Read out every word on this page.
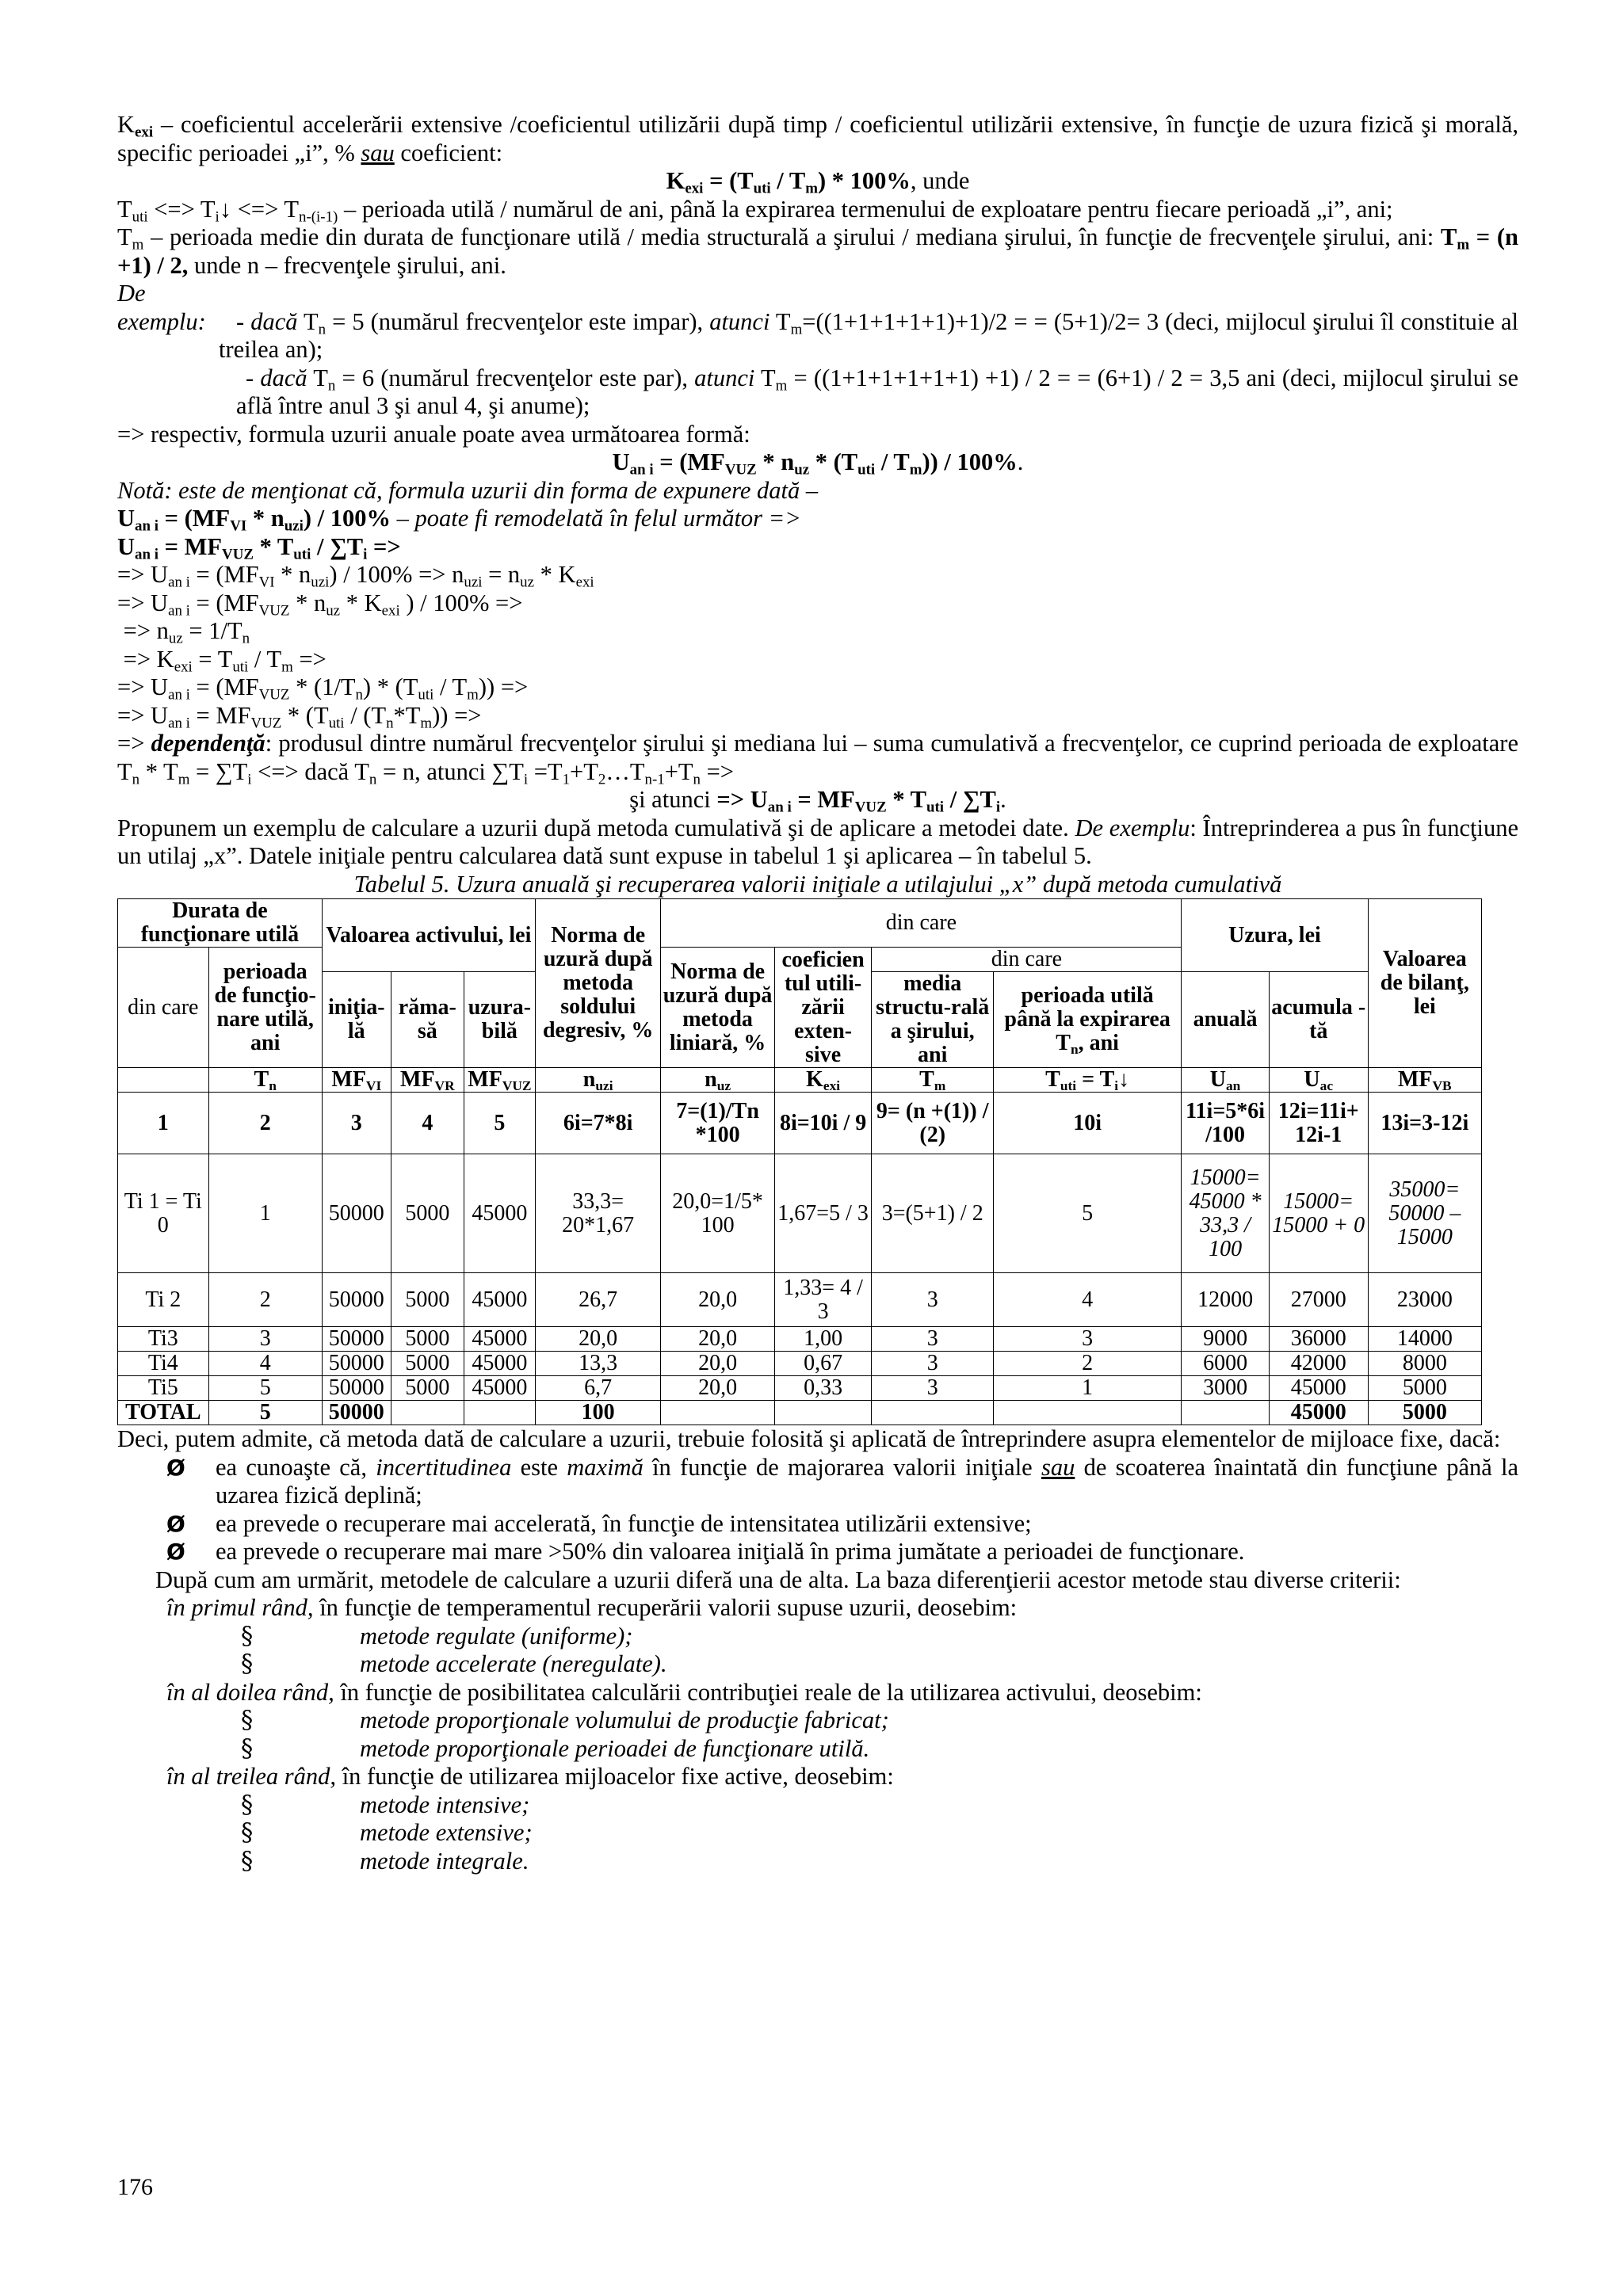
$K_{exi}$ – coeficientul accelerării extensive /coeficientul utilizării după timp / coeficientul utilizării extensive, în funcţie de uzura fizică şi morală, specific perioadei „i”, % sau coeficient:

$K_{exi} = (T_{uti} / T_m) * 100\%$, unde

$T_{uti}$ <=> $T_i↓$ <=> $T_{n-(i-1)}$ – perioada utilă / numărul de ani, până la expirarea termenului de exploatare pentru fiecare perioadă „i”, ani;

$T_m$ – perioada medie din durata de funcţionare utilă / media structurală a şirului / mediana şirului, în funcţie de frecvenţele şirului, ani: $T_m = (n +1) / 2$, unde n – frecvenţele şirului, ani.

De exemplu:	- dacă $T_n = 5$ (numărul frecvenţelor este impar), atunci $T_m=((1+1+1+1+1)+1)/2$ = = (5+1)/2= 3 (deci, mijlocul şirului îl constituie al treilea an);

- dacă $T_n = 6$ (numărul frecvenţelor este par), atunci $T_m = ((1+1+1+1+1+1) +1) / 2$ = = (6+1) / 2 = 3,5 ani (deci, mijlocul şirului se află între anul 3 şi anul 4, şi anume);

=> respectiv, formula uzurii anuale poate avea următoarea formă:

$U_{an i} = (MF_{VUZ} * n_{uz} * (T_{uti} / T_m)) / 100\%$.

Notă: este de menţionat că, formula uzurii din forma de expunere dată –

$U_{an i} = (MF_{VI} * n_{uzi}) / 100\%$ – poate fi remodelată în felul următor =>

$U_{an i} = MF_{VUZ} * T_{uti} / \sum T_i$ =>

=> $U_{an i} = (MF_{VI} * n_{uzi}) / 100\% => n_{uzi} = n_{uz} * K_{exi}$

=> $U_{an i} = (MF_{VUZ} * n_{uz} * K_{exi}$ ) / 100% =>

=> $n_{uz} = 1/T_n$

=> $K_{exi} = T_{uti} / T_m$ =>

=> $U_{an i} = (MF_{VUZ} * (1/T_n) * (T_{uti} / T_m))$ =>

=> $U_{an i} = MF_{VUZ} * (T_{uti} / (T_n*T_m))$ =>

=> dependenţă: produsul dintre numărul frecvenţelor şirului şi mediana lui – suma cumulativă a frecvenţelor, ce cuprind perioada de exploatare $T_n * T_m = \sum T_i$ <=> dacă $T_n = n$, atunci $\sum T_i$ $=T_1+T_2\dots T_{n-1}+T_n$ =>

şi atunci => $U_{an i} = MF_{VUZ} * T_{uti} / \sum T_i$.

Propunem un exemplu de calculare a uzurii după metoda cumulativă şi de aplicare a metodei date. De exemplu: Întreprinderea a pus în funcţiune un utilaj „x”. Datele iniţiale pentru calcularea dată sunt expuse in tabelul 1 şi aplicarea – în tabelul 5.

Tabelul 5. Uzura anuală şi recuperarea valorii iniţiale a utilajului „x” după metoda cumulativă

Durata de funcţionare utilă		Valoarea activului, lei			Norma de uzură după metoda soldului degresiv, %	din care				Uzura, lei		Valoarea de bilanţ, lei
din care	perioada de funcţio-nare utilă, ani					Norma de uzură după metoda liniară, %	coeficien tul utili-zării exten-sive	din care				
		iniţia-lă	răma-să	uzura-bilă				media structu-rală a şirului, ani	perioada utilă până la expirarea $T_n$, ani	anuală	acumula -tă	
	$T_n$	$MF_{VI}$	$MF_{VR}$	$MF_{VUZ}$	$n_{uzi}$	$n_{uz}$	$K_{exi}$	$T_m$	$T_{uti}$ = $T_i↓$	$U_{an}$	$U_{ac}$	$MF_{VB}$
1	2	3	4	5	6i=7*8i	7=(1)/Tn *100	8i=10i / 9	9= (n +(1)) / (2)	10i	11i=5*6i /100	12i=11i+ 12i-1	13i=3-12i
Ti 1 = Ti 0	1	50000	5000	45000	33,3= 20*1,67	20,0=1/5* 100	1,67=5 / 3	3=(5+1) / 2	5	15000= 45000 * 33,3 / 100	15000= 15000 + 0	35000= 50000 – 15000
Ti 2	2	50000	5000	45000	26,7	20,0	1,33= 4 / 3	3	4	12000	27000	23000
Ti3	3	50000	5000	45000	20,0	20,0	1,00	3	3	9000	36000	14000
Ti4	4	50000	5000	45000	13,3	20,0	0,67	3	2	6000	42000	8000
Ti5	5	50000	5000	45000	6,7	20,0	0,33	3	1	3000	45000	5000
TOTAL	5	50000			100						45000	5000

Deci, putem admite, că metoda dată de calculare a uzurii, trebuie folosită şi aplicată de întreprindere asupra elementelor de mijloace fixe, dacă:

Ø	ea cunoaşte că, incertitudinea este maximă în funcţie de majorarea valorii iniţiale sau de scoaterea înaintată din funcţiune până la uzarea fizică deplină;
Ø	ea prevede o recuperare mai accelerată, în funcţie de intensitatea utilizării extensive;
Ø	ea prevede o recuperare mai mare >50% din valoarea iniţială în prima jumătate a perioadei de funcţionare.

După cum am urmărit, metodele de calculare a uzurii diferă una de alta. La baza diferenţierii acestor metode stau diverse criterii:

în primul rând, în funcţie de temperamentul recuperării valorii supuse uzurii, deosebim:

§	metode regulate (uniforme);
§	metode accelerate (neregulate).

în al doilea rând, în funcţie de posibilitatea calculării contribuţiei reale de la utilizarea activului, deosebim:

§	metode proporţionale volumului de producţie fabricat;
§	metode proporţionale perioadei de funcţionare utilă.

în al treilea rând, în funcţie de utilizarea mijloacelor fixe active, deosebim:

§	metode intensive;
§	metode extensive;
§	metode integrale.
176
